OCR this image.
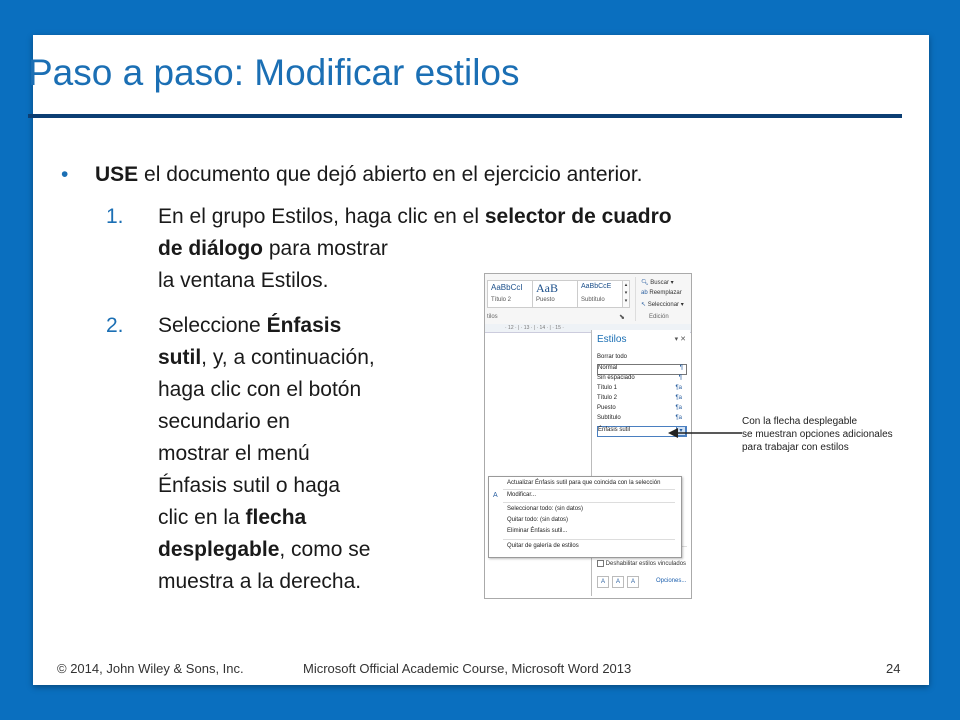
Paso a paso: Modificar estilos
• USE el documento que dejó abierto en el ejercicio anterior.
1. En el grupo Estilos, haga clic en el selector de cuadro
de diálogo para mostrar
la ventana Estilos.
2. Seleccione Énfasis
sutil, y, a continuación,
haga clic con el botón
secundario en
mostrar el menú
Énfasis sutil o haga
clic en la flecha
desplegable, como se
muestra a la derecha.
AaBbCcI
Título 2
AaB
Puesto
AaBbCcE
Subtítulo
▴
▾
▾
tilos	⬊
🔍︎ Buscar ▾
ab Reemplazar
↖ Seleccionar ▾
Edición
· 12 · | · 13 · | · 14 · | · 15 ·
Estilos	▾ ✕
Borrar todo
Normal	¶
Sin espaciado	¶
Título 1	¶a
Título 2	¶a
Puesto	¶a
Subtítulo	¶a
Énfasis sutil	▾
Deshabilitar estilos vinculados
A	A	A	Opciones...
Actualizar Énfasis sutil para que coincida con la selección
A Modificar...
Seleccionar todo: (sin datos)
Quitar todo: (sin datos)
Eliminar Énfasis sutil...
Quitar de galería de estilos
Con la flecha desplegable
se muestran opciones adicionales
para trabajar con estilos
© 2014, John Wiley & Sons, Inc.	Microsoft Official Academic Course, Microsoft Word 2013	24
